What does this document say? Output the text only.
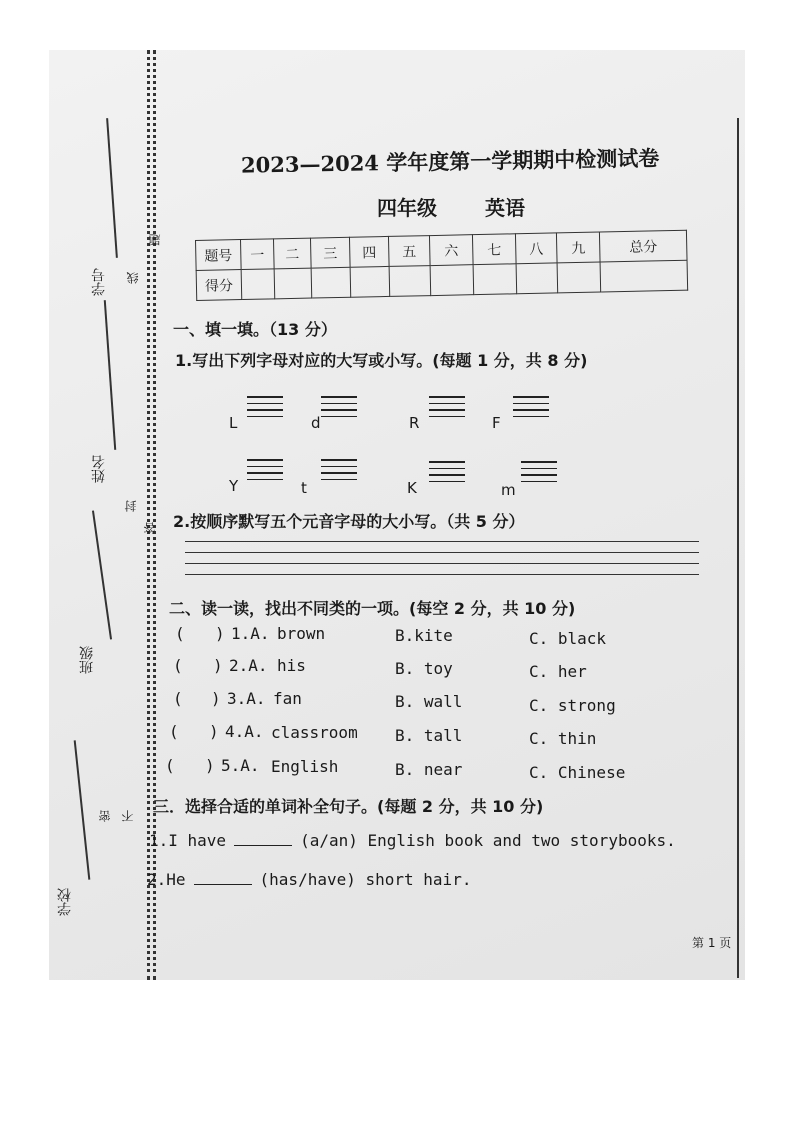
学号
姓名
班级
学校
题
线
封
答
不
密
2023—2024 学年度第一学期期中检测试卷
四年级 英语
题号	一	二	三	四	五	六	七	八	九	总分
得分										
一、填一填。（13 分）
1.写出下列字母对应的大写或小写。(每题 1 分，共 8 分)
L	d	R	F
Y	t	K	m
2.按顺序默写五个元音字母的大小写。（共 5 分）
二、读一读，找出不同类的一项。(每空 2 分，共 10 分)
( ) 1.A. brown	B.kite	C. black
( ) 2.A. his	B. toy	C. her
( ) 3.A. fan	B. wall	C. strong
( ) 4.A. classroom B. tall	C. thin
( ) 5.A. English	B. near	C. Chinese
三．选择合适的单词补全句子。(每题 2 分，共 10 分)
1.I have	(a/an) English book and two storybooks.
2.He	(has/have) short hair.
第 1 页
